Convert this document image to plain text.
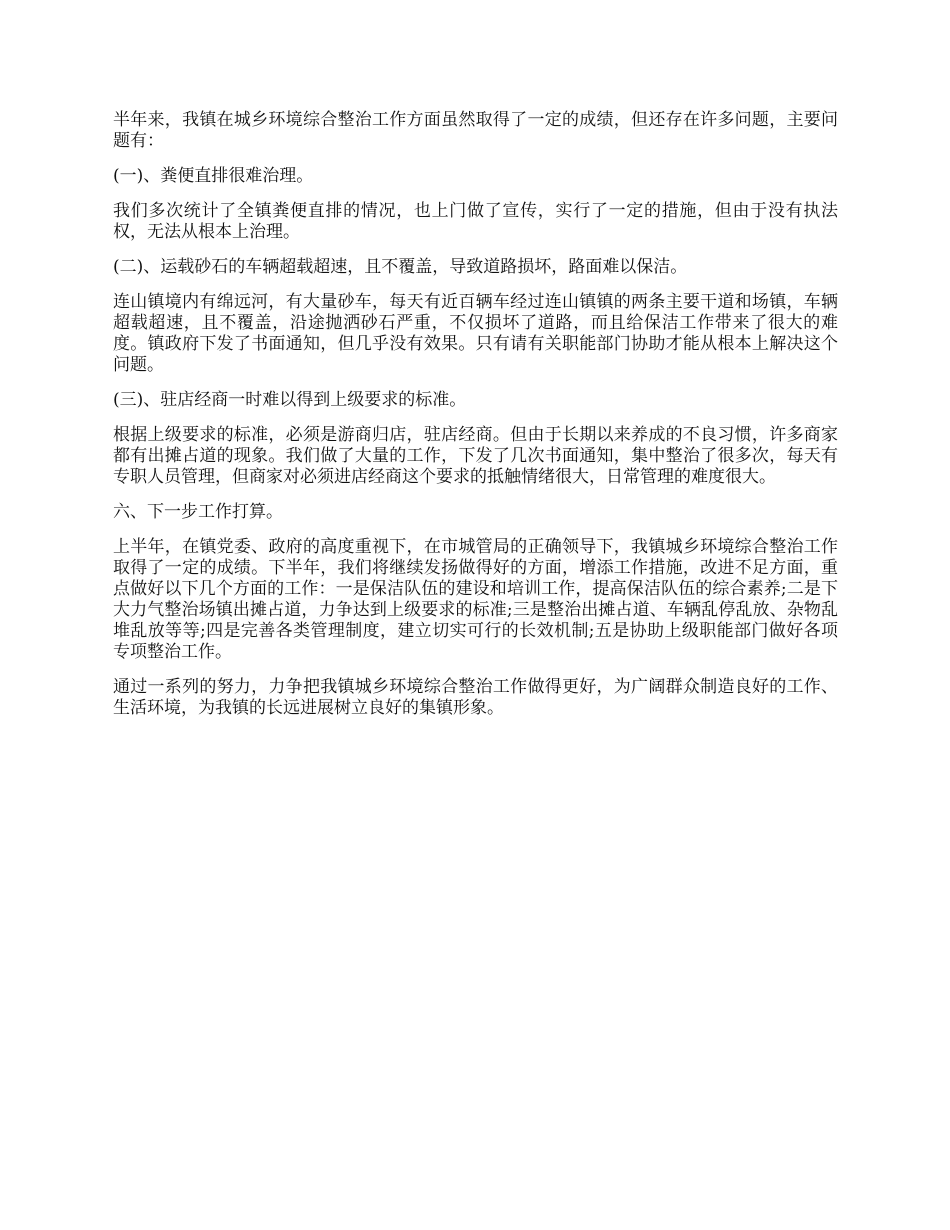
半年来，我镇在城乡环境综合整治工作方面虽然取得了一定的成绩，但还存在许多问题，主要问题有：

(一)、粪便直排很难治理。

我们多次统计了全镇粪便直排的情况，也上门做了宣传，实行了一定的措施，但由于没有执法权，无法从根本上治理。

(二)、运载砂石的车辆超载超速，且不覆盖，导致道路损坏，路面难以保洁。

连山镇境内有绵远河，有大量砂车，每天有近百辆车经过连山镇镇的两条主要干道和场镇，车辆超载超速，且不覆盖，沿途抛洒砂石严重，不仅损坏了道路，而且给保洁工作带来了很大的难度。镇政府下发了书面通知，但几乎没有效果。只有请有关职能部门协助才能从根本上解决这个问题。

(三)、驻店经商一时难以得到上级要求的标准。

根据上级要求的标准，必须是游商归店，驻店经商。但由于长期以来养成的不良习惯，许多商家都有出摊占道的现象。我们做了大量的工作，下发了几次书面通知，集中整治了很多次，每天有专职人员管理，但商家对必须进店经商这个要求的抵触情绪很大，日常管理的难度很大。

六、下一步工作打算。

上半年，在镇党委、政府的高度重视下，在市城管局的正确领导下，我镇城乡环境综合整治工作取得了一定的成绩。下半年，我们将继续发扬做得好的方面，增添工作措施，改进不足方面，重点做好以下几个方面的工作：一是保洁队伍的建设和培训工作，提高保洁队伍的综合素养;二是下大力气整治场镇出摊占道，力争达到上级要求的标准;三是整治出摊占道、车辆乱停乱放、杂物乱堆乱放等等;四是完善各类管理制度，建立切实可行的长效机制;五是协助上级职能部门做好各项专项整治工作。

通过一系列的努力，力争把我镇城乡环境综合整治工作做得更好，为广阔群众制造良好的工作、生活环境，为我镇的长远进展树立良好的集镇形象。
